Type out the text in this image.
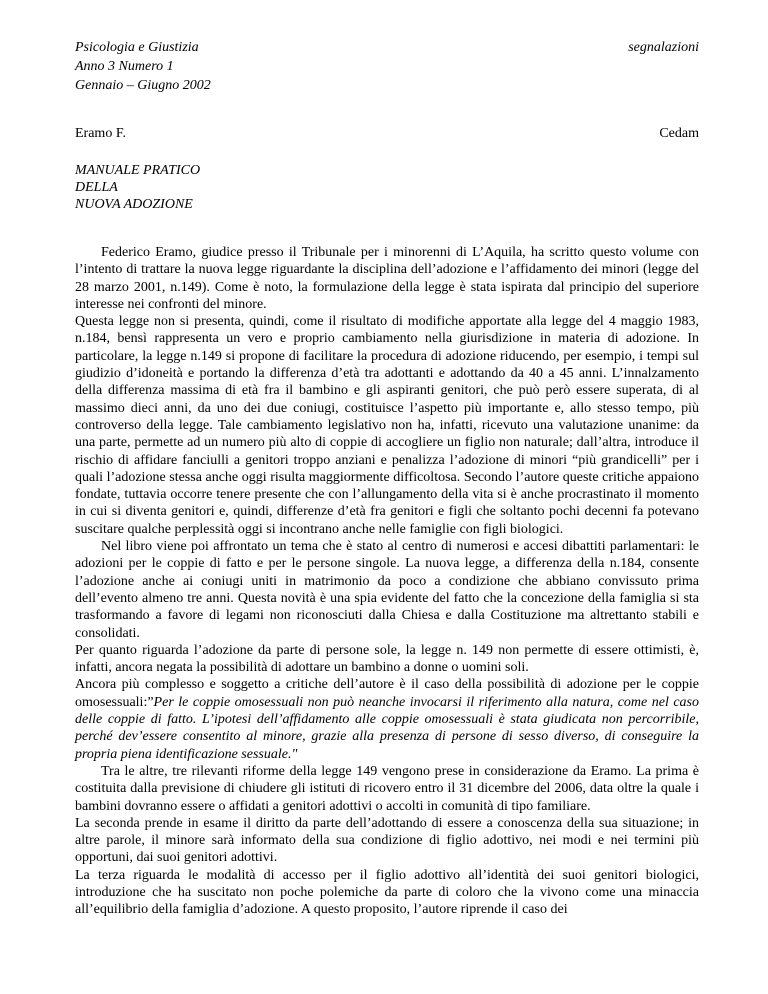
Psicologia e Giustizia
Anno 3 Numero 1
Gennaio – Giugno 2002
segnalazioni
Eramo F.	Cedam
MANUALE PRATICO
DELLA
NUOVA ADOZIONE

Federico Eramo, giudice presso il Tribunale per i minorenni di L’Aquila, ha scritto questo volume con l’intento di trattare la nuova legge riguardante la disciplina dell’adozione e l’affidamento dei minori (legge del 28 marzo 2001, n.149). Come è noto, la formulazione della legge è stata ispirata dal principio del superiore interesse nei confronti del minore.

Questa legge non si presenta, quindi, come il risultato di modifiche apportate alla legge del 4 maggio 1983, n.184, bensì rappresenta un vero e proprio cambiamento nella giurisdizione in materia di adozione. In particolare, la legge n.149 si propone di facilitare la procedura di adozione riducendo, per esempio, i tempi sul giudizio d’idoneità e portando la differenza d’età tra adottanti e adottando da 40 a 45 anni. L’innalzamento della differenza massima di età fra il bambino e gli aspiranti genitori, che può però essere superata, di al massimo dieci anni, da uno dei due coniugi, costituisce l’aspetto più importante e, allo stesso tempo, più controverso della legge. Tale cambiamento legislativo non ha, infatti, ricevuto una valutazione unanime: da una parte, permette ad un numero più alto di coppie di accogliere un figlio non naturale; dall’altra, introduce il rischio di affidare fanciulli a genitori troppo anziani e penalizza l’adozione di minori “più grandicelli” per i quali l’adozione stessa anche oggi risulta maggiormente difficoltosa. Secondo l’autore queste critiche appaiono fondate, tuttavia occorre tenere presente che con l’allungamento della vita si è anche procrastinato il momento in cui si diventa genitori e, quindi, differenze d’età fra genitori e figli che soltanto pochi decenni fa potevano suscitare qualche perplessità oggi si incontrano anche nelle famiglie con figli biologici.

Nel libro viene poi affrontato un tema che è stato al centro di numerosi e accesi dibattiti parlamentari: le adozioni per le coppie di fatto e per le persone singole. La nuova legge, a differenza della n.184, consente l’adozione anche ai coniugi uniti in matrimonio da poco a condizione che abbiano convissuto prima dell’evento almeno tre anni. Questa novità è una spia evidente del fatto che la concezione della famiglia si sta trasformando a favore di legami non riconosciuti dalla Chiesa e dalla Costituzione ma altrettanto stabili e consolidati.

Per quanto riguarda l’adozione da parte di persone sole, la legge n. 149 non permette di essere ottimisti, è, infatti, ancora negata la possibilità di adottare un bambino a donne o uomini soli.

Ancora più complesso e soggetto a critiche dell’autore è il caso della possibilità di adozione per le coppie omosessuali:”Per le coppie omosessuali non può neanche invocarsi il riferimento alla natura, come nel caso delle coppie di fatto. L’ipotesi dell’affidamento alle coppie omosessuali è stata giudicata non percorribile, perché dev’essere consentito al minore, grazie alla presenza di persone di sesso diverso, di conseguire la propria piena identificazione sessuale."

Tra le altre, tre rilevanti riforme della legge 149 vengono prese in considerazione da Eramo. La prima è costituita dalla previsione di chiudere gli istituti di ricovero entro il 31 dicembre del 2006, data oltre la quale i bambini dovranno essere o affidati a genitori adottivi o accolti in comunità di tipo familiare.

La seconda prende in esame il diritto da parte dell’adottando di essere a conoscenza della sua situazione; in altre parole, il minore sarà informato della sua condizione di figlio adottivo, nei modi e nei termini più opportuni, dai suoi genitori adottivi.

La terza riguarda le modalità di accesso per il figlio adottivo all’identità dei suoi genitori biologici, introduzione che ha suscitato non poche polemiche da parte di coloro che la vivono come una minaccia all’equilibrio della famiglia d’adozione. A questo proposito, l’autore riprende il caso dei
